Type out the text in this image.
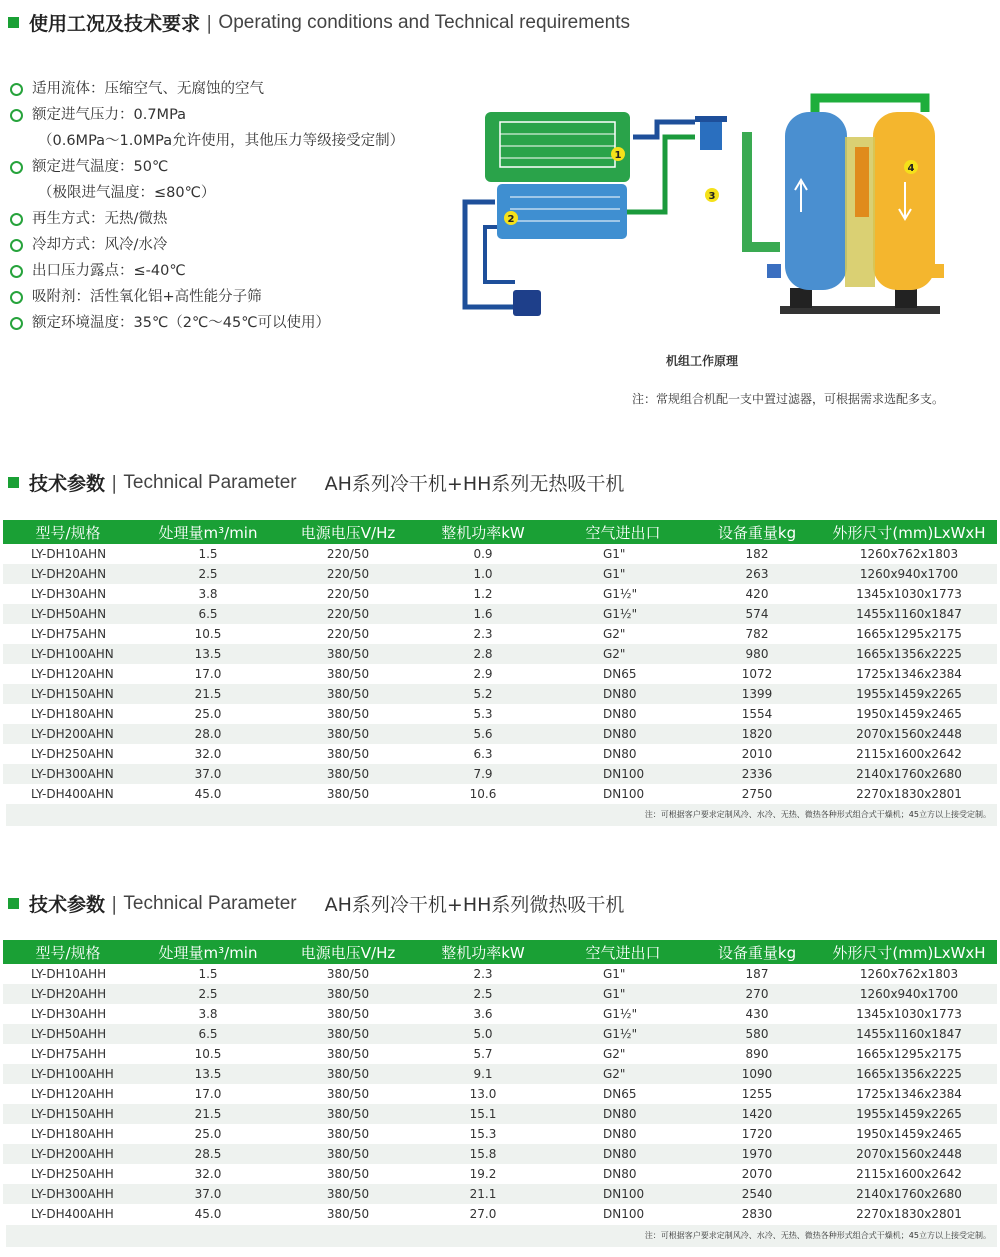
使用工况及技术要求 | Operating conditions and Technical requirements
适用流体：压缩空气、无腐蚀的空气
额定进气压力：0.7MPa
（0.6MPa～1.0MPa允许使用，其他压力等级接受定制）
额定进气温度：50℃
（极限进气温度：≤80℃）
再生方式：无热/微热
冷却方式：风冷/水冷
出口压力露点：≤-40℃
吸附剂：活性氧化铝+高性能分子筛
额定环境温度：35℃（2℃～45℃可以使用）
1
2
3
4
机组工作原理
注：常规组合机配一支中置过滤器，可根据需求选配多支。
技术参数 | Technical Parameter AH系列冷干机+HH系列无热吸干机
型号/规格	处理量m³/min	电源电压V/Hz	整机功率kW	空气进出口	设备重量kg	外形尺寸(mm)LxWxH
LY-DH10AHN	1.5	220/50	0.9	G1"	182	1260x762x1803
LY-DH20AHN	2.5	220/50	1.0	G1"	263	1260x940x1700
LY-DH30AHN	3.8	220/50	1.2	G1½"	420	1345x1030x1773
LY-DH50AHN	6.5	220/50	1.6	G1½"	574	1455x1160x1847
LY-DH75AHN	10.5	220/50	2.3	G2"	782	1665x1295x2175
LY-DH100AHN	13.5	380/50	2.8	G2"	980	1665x1356x2225
LY-DH120AHN	17.0	380/50	2.9	DN65	1072	1725x1346x2384
LY-DH150AHN	21.5	380/50	5.2	DN80	1399	1955x1459x2265
LY-DH180AHN	25.0	380/50	5.3	DN80	1554	1950x1459x2465
LY-DH200AHN	28.0	380/50	5.6	DN80	1820	2070x1560x2448
LY-DH250AHN	32.0	380/50	6.3	DN80	2010	2115x1600x2642
LY-DH300AHN	37.0	380/50	7.9	DN100	2336	2140x1760x2680
LY-DH400AHN	45.0	380/50	10.6	DN100	2750	2270x1830x2801
注：可根据客户要求定制风冷、水冷、无热、微热各种形式组合式干燥机；45立方以上接受定制。
技术参数 | Technical Parameter AH系列冷干机+HH系列微热吸干机
型号/规格	处理量m³/min	电源电压V/Hz	整机功率kW	空气进出口	设备重量kg	外形尺寸(mm)LxWxH
LY-DH10AHH	1.5	380/50	2.3	G1"	187	1260x762x1803
LY-DH20AHH	2.5	380/50	2.5	G1"	270	1260x940x1700
LY-DH30AHH	3.8	380/50	3.6	G1½"	430	1345x1030x1773
LY-DH50AHH	6.5	380/50	5.0	G1½"	580	1455x1160x1847
LY-DH75AHH	10.5	380/50	5.7	G2"	890	1665x1295x2175
LY-DH100AHH	13.5	380/50	9.1	G2"	1090	1665x1356x2225
LY-DH120AHH	17.0	380/50	13.0	DN65	1255	1725x1346x2384
LY-DH150AHH	21.5	380/50	15.1	DN80	1420	1955x1459x2265
LY-DH180AHH	25.0	380/50	15.3	DN80	1720	1950x1459x2465
LY-DH200AHH	28.5	380/50	15.8	DN80	1970	2070x1560x2448
LY-DH250AHH	32.0	380/50	19.2	DN80	2070	2115x1600x2642
LY-DH300AHH	37.0	380/50	21.1	DN100	2540	2140x1760x2680
LY-DH400AHH	45.0	380/50	27.0	DN100	2830	2270x1830x2801
注：可根据客户要求定制风冷、水冷、无热、微热各种形式组合式干燥机；45立方以上接受定制。
